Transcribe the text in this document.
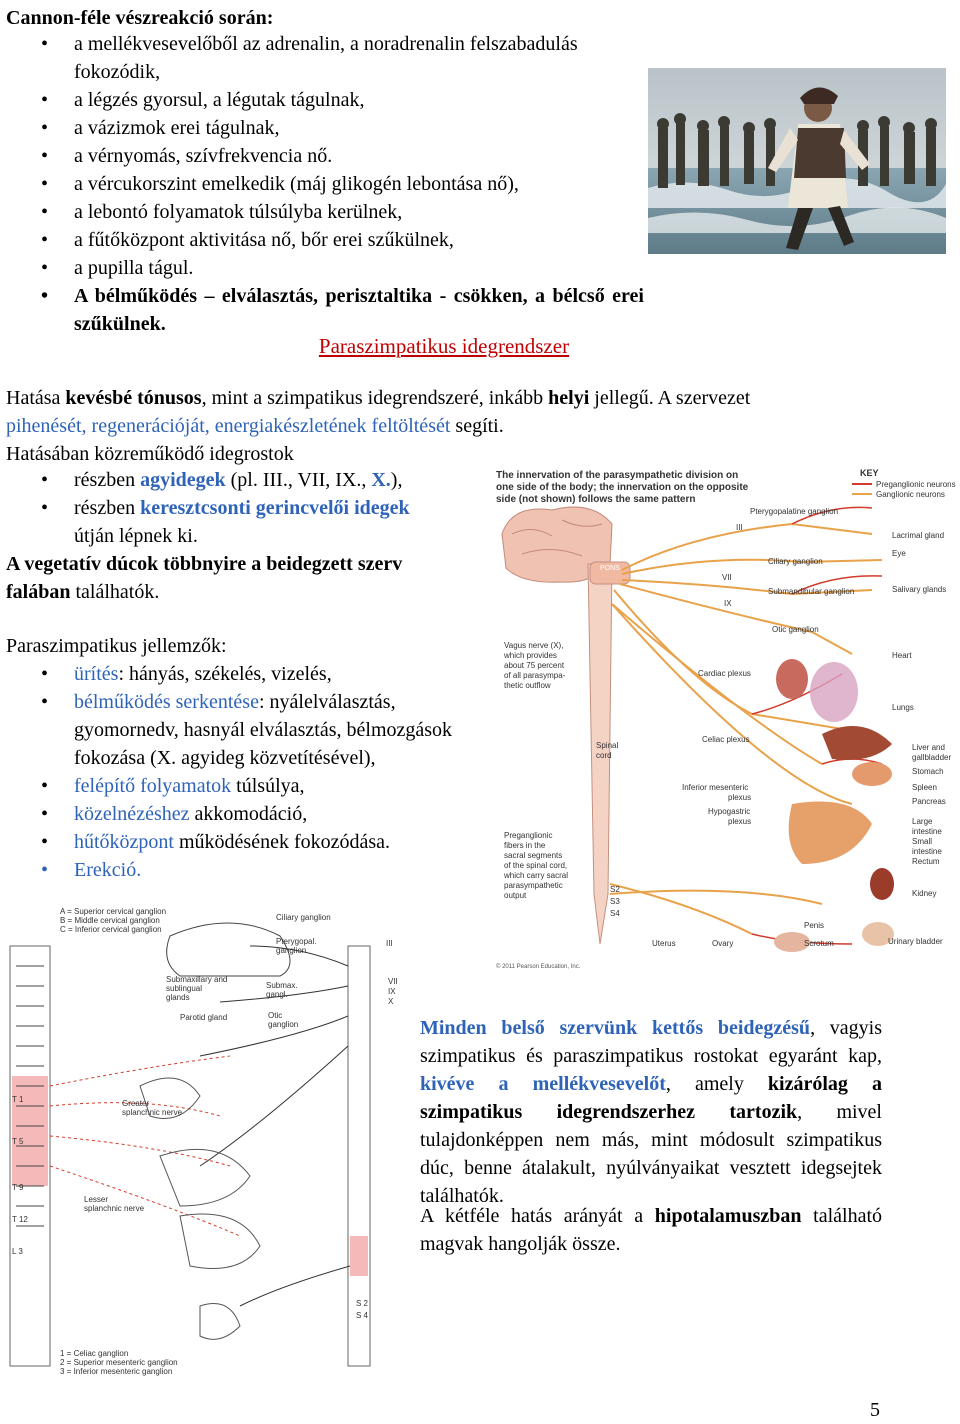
Cannon-féle vészreakció során:
• a mellékvesevelőből az adrenalin, a noradrenalin felszabadulás fokozódik,
• a légzés gyorsul, a légutak tágulnak,
• a vázizmok erei tágulnak,
• a vérnyomás, szívfrekvencia nő.
• a vércukorszint emelkedik (máj glikogén lebontása nő),
• a lebontó folyamatok túlsúlyba kerülnek,
• a fűtőközpont aktivitása nő, bőr erei szűkülnek,
• a pupilla tágul.
• A bélműködés – elválasztás, perisztaltika - csökken, a bélcső erei szűkülnek.
Paraszimpatikus idegrendszer
Hatása kevésbé tónusos, mint a szimpatikus idegrendszeré, inkább helyi jellegű. A szervezet
pihenését, regenerációját, energiakészletének feltöltését segíti.
Hatásában közreműködő idegrostok
• részben agyidegek (pl. III., VII, IX., X.),
• részben keresztcsonti gerincvelői idegek
útján lépnek ki.
A vegetatív dúcok többnyire a beidegzett szerv
falában találhatók.
Paraszimpatikus jellemzők:
• ürítés: hányás, székelés, vizelés,
• bélműködés serkentése: nyálelválasztás, gyomornedv, hasnyál elválasztás, bélmozgások fokozása (X. agyideg közvetítésével),
• felépítő folyamatok túlsúlya,
• közelnézéshez akkomodáció,
• hűtőközpont működésének fokozódása.
• Erekció.
The innervation of the parasympathetic division on one side of the body; the innervation on the opposite side (not shown) follows the same pattern
KEY
Preganglionic neurons
Ganglionic neurons
PONS
III
VII
IX
Pterygopalatine ganglion
Lacrimal gland
Eye
Ciliary ganglion
Salivary glands
Submandibular ganglion
Otic ganglion
Vagus nerve (X), which provides about 75 percent of all parasympa- thetic outflow
Heart
Cardiac plexus
Lungs
Spinal cord
Celiac plexus
Liver and gallbladder
Stomach
Spleen
Pancreas
Inferior mesenteric plexus
Hypogastric plexus	Large intestine
Small intestine
Rectum
Preganglionic fibers in the sacral segments of the spinal cord, which carry sacral parasympathetic output
S2
S3
S4
Kidney
Penis
Uterus	Ovary	Scrotum	Urinary bladder
© 2011 Pearson Education, Inc.
A = Superior cervical ganglion B = Middle cervical ganglion C = Inferior cervical ganglion
Ciliary ganglion
Pterygopal. ganglion
III
Submaxillary and sublingual glands
Submax. gangl.
VII
IX
X
Parotid gland	Otic ganglion
Greater splanchnic nerve
Lesser splanchnic nerve
T 1
T 5
T 9
T 12
L 3
S 2
S 4
1 = Celiac ganglion 2 = Superior mesenteric ganglion 3 = Inferior mesenteric ganglion
Minden belső szervünk kettős beidegzésű, vagyis szimpatikus és paraszimpatikus rostokat egyaránt kap, kivéve a mellékvesevelőt, amely kizárólag a szimpatikus idegrendszerhez tartozik, mivel tulajdonképpen nem más, mint módosult szimpatikus dúc, benne átalakult, nyúlványaikat vesztett idegsejtek találhatók.
A kétféle hatás arányát a hipotalamuszban található magvak hangolják össze.
5
